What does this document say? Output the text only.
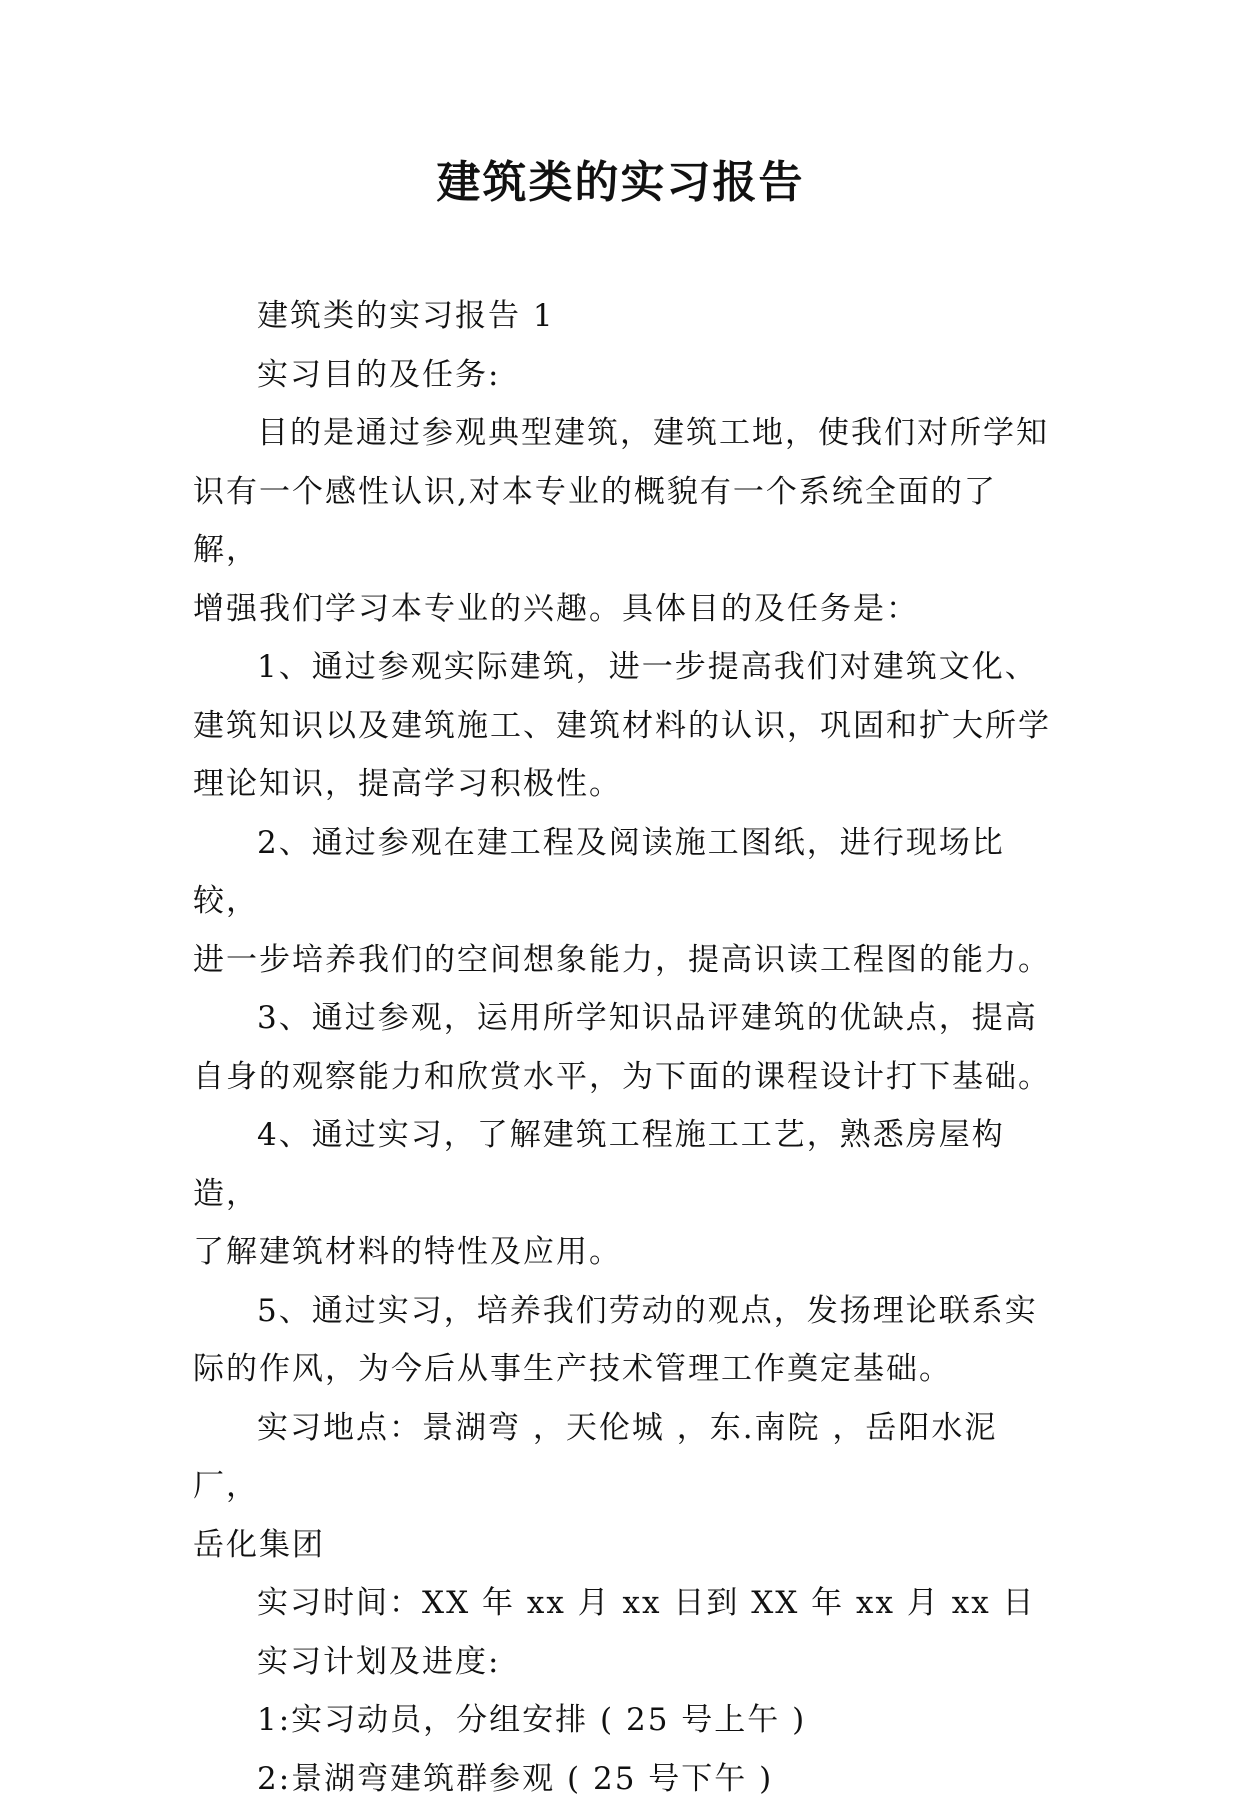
建筑类的实习报告

建筑类的实习报告 1

实习目的及任务:

目的是通过参观典型建筑，建筑工地，使我们对所学知
识有一个感性认识,对本专业的概貌有一个系统全面的了解，
增强我们学习本专业的兴趣。具体目的及任务是：

1、通过参观实际建筑，进一步提高我们对建筑文化、
建筑知识以及建筑施工、建筑材料的认识，巩固和扩大所学
理论知识，提高学习积极性。

2、通过参观在建工程及阅读施工图纸，进行现场比较，
进一步培养我们的空间想象能力，提高识读工程图的能力。

3、通过参观，运用所学知识品评建筑的优缺点，提高
自身的观察能力和欣赏水平，为下面的课程设计打下基础。

4、通过实习，了解建筑工程施工工艺，熟悉房屋构造，
了解建筑材料的特性及应用。

5、通过实习，培养我们劳动的观点，发扬理论联系实
际的作风，为今后从事生产技术管理工作奠定基础。

实习地点：景湖弯 ，天伦城 ，东.南院 ，岳阳水泥厂，
岳化集团

实习时间：XX 年 xx 月 xx 日到 XX 年 xx 月 xx 日

实习计划及进度:

1:实习动员，分组安排 ( 25 号上午 )

2:景湖弯建筑群参观 ( 25 号下午 )
